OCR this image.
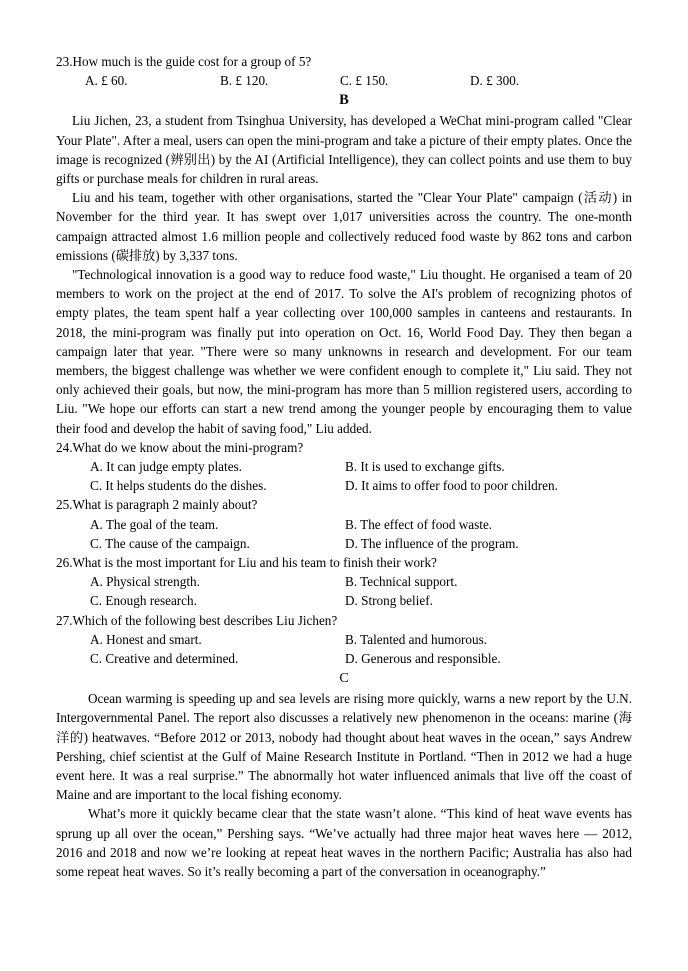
23.How much is the guide cost for a group of 5?

A. £ 60.	B. £ 120.	C. £ 150.	D. £ 300.

B

Liu Jichen, 23, a student from Tsinghua University, has developed a WeChat mini-program called "Clear Your Plate". After a meal, users can open the mini-program and take a picture of their empty plates. Once the image is recognized (辨别出) by the AI (Artificial Intelligence), they can collect points and use them to buy gifts or purchase meals for children in rural areas.

Liu and his team, together with other organisations, started the "Clear Your Plate" campaign (活动) in November for the third year. It has swept over 1,017 universities across the country. The one-month campaign attracted almost 1.6 million people and collectively reduced food waste by 862 tons and carbon emissions (碳排放) by 3,337 tons.

"Technological innovation is a good way to reduce food waste," Liu thought. He organised a team of 20 members to work on the project at the end of 2017. To solve the AI's problem of recognizing photos of empty plates, the team spent half a year collecting over 100,000 samples in canteens and restaurants. In 2018, the mini-program was finally put into operation on Oct. 16, World Food Day. They then began a campaign later that year. "There were so many unknowns in research and development. For our team members, the biggest challenge was whether we were confident enough to complete it," Liu said. They not only achieved their goals, but now, the mini-program has more than 5 million registered users, according to Liu. "We hope our efforts can start a new trend among the younger people by encouraging them to value their food and develop the habit of saving food," Liu added.

24.What do we know about the mini-program?

A. It can judge empty plates.	B. It is used to exchange gifts.
C. It helps students do the dishes.	D. It aims to offer food to poor children.

25.What is paragraph 2 mainly about?

A. The goal of the team.	B. The effect of food waste.
C. The cause of the campaign.	D. The influence of the program.

26.What is the most important for Liu and his team to finish their work?

A. Physical strength.	B. Technical support.
C. Enough research.	D. Strong belief.

27.Which of the following best describes Liu Jichen?

A. Honest and smart.	B. Talented and humorous.
C. Creative and determined.	D. Generous and responsible.

C

Ocean warming is speeding up and sea levels are rising more quickly, warns a new report by the U.N. Intergovernmental Panel. The report also discusses a relatively new phenomenon in the oceans: marine (海洋的) heatwaves. “Before 2012 or 2013, nobody had thought about heat waves in the ocean,” says Andrew Pershing, chief scientist at the Gulf of Maine Research Institute in Portland. “Then in 2012 we had a huge event here. It was a real surprise.” The abnormally hot water influenced animals that live off the coast of Maine and are important to the local fishing economy.

What’s more it quickly became clear that the state wasn’t alone. “This kind of heat wave events has sprung up all over the ocean,” Pershing says. “We’ve actually had three major heat waves here — 2012, 2016 and 2018 and now we’re looking at repeat heat waves in the northern Pacific; Australia has also had some repeat heat waves. So it’s really becoming a part of the conversation in oceanography.”
